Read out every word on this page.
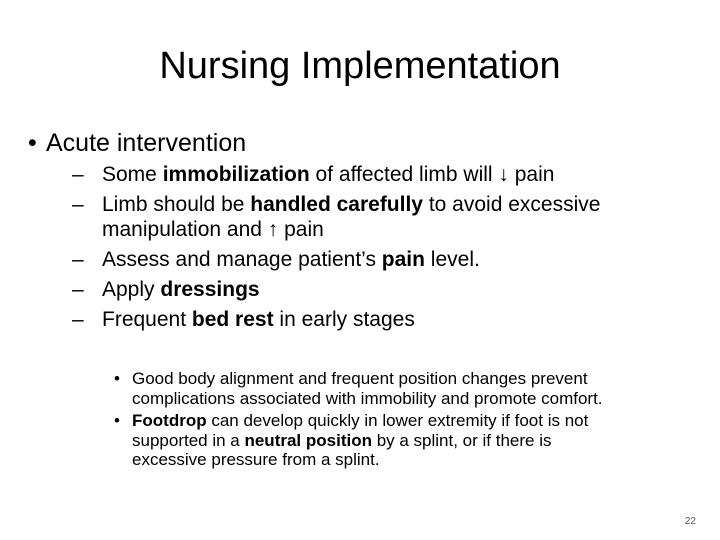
Nursing Implementation
• Acute intervention
– Some immobilization of affected limb will ↓ pain
– Limb should be handled carefully to avoid excessive manipulation and ↑ pain
– Assess and manage patient’s pain level.
– Apply dressings
– Frequent bed rest in early stages
• Good body alignment and frequent position changes prevent complications associated with immobility and promote comfort.
• Footdrop can develop quickly in lower extremity if foot is not supported in a neutral position by a splint, or if there is excessive pressure from a splint.
22
